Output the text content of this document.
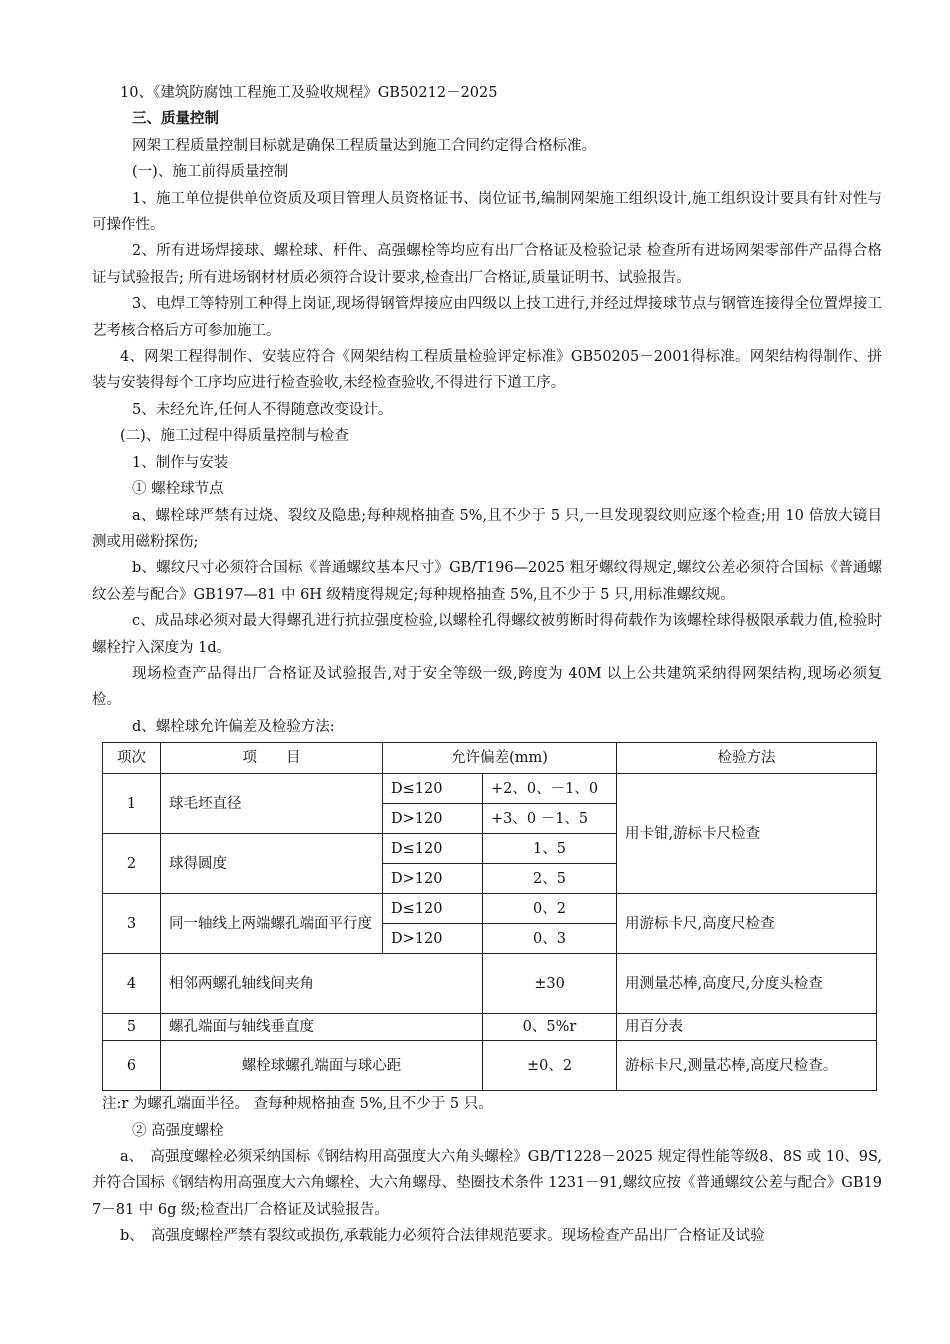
10、《建筑防腐蚀工程施工及验收规程》GB50212－2025

三、质量控制

网架工程质量控制目标就是确保工程质量达到施工合同约定得合格标准。

(一)、施工前得质量控制

1、施工单位提供单位资质及项目管理人员资格证书、岗位证书,编制网架施工组织设计,施工组织设计要具有针对性与可操作性。

2、所有进场焊接球、螺栓球、杆件、高强螺栓等均应有出厂合格证及检验记录 检查所有进场网架零部件产品得合格证与试验报告; 所有进场钢材材质必须符合设计要求,检查出厂合格证,质量证明书、试验报告。

3、电焊工等特别工种得上岗证,现场得钢管焊接应由四级以上技工进行,并经过焊接球节点与钢管连接得全位置焊接工艺考核合格后方可参加施工。

4、网架工程得制作、安装应符合《网架结构工程质量检验评定标准》GB50205－2001得标准。网架结构得制作、拼装与安装得每个工序均应进行检查验收,未经检查验收,不得进行下道工序。

5、未经允许,任何人不得随意改变设计。

(二)、施工过程中得质量控制与检查

1、制作与安装

① 螺栓球节点

a、螺栓球严禁有过烧、裂纹及隐患;每种规格抽查 5%,且不少于 5 只,一旦发现裂纹则应逐个检查;用 10 倍放大镜目测或用磁粉探伤;

b、螺纹尺寸必须符合国标《普通螺纹基本尺寸》GB/T196—2025 粗牙螺纹得规定,螺纹公差必须符合国标《普通螺纹公差与配合》GB197—81 中 6H 级精度得规定;每种规格抽查 5%,且不少于 5 只,用标准螺纹规。

c、成品球必须对最大得螺孔进行抗拉强度检验,以螺栓孔得螺纹被剪断时得荷载作为该螺栓球得极限承载力值,检验时螺栓拧入深度为 1d。

现场检查产品得出厂合格证及试验报告,对于安全等级一级,跨度为 40M 以上公共建筑采纳得网架结构,现场必须复检。

d、螺栓球允许偏差及检验方法:

项次	项　　目	允许偏差(mm)		检验方法
1	球毛坯直径	D≤120	+2、0、－1、0	用卡钳,游标卡尺检查
		D>120	+3、0 －1、5	
2	球得圆度	D≤120	1、5	
		D>120	2、5	
3	同一轴线上两端螺孔端面平行度	D≤120	0、2	用游标卡尺,高度尺检查
		D>120	0、3	
4	相邻两螺孔轴线间夹角		±30	用测量芯棒,高度尺,分度头检查
5	螺孔端面与轴线垂直度		0、5%r	用百分表
6	螺栓球螺孔端面与球心距		±0、2	游标卡尺,测量芯棒,高度尺检查。

注:r 为螺孔端面半径。 查每种规格抽查 5%,且不少于 5 只。

② 高强度螺栓

a、　高强度螺栓必须采纳国标《钢结构用高强度大六角头螺栓》GB/T1228－2025 规定得性能等级8、8S 或 10、9S,并符合国标《钢结构用高强度大六角螺栓、大六角螺母、垫圈技术条件 1231－91,螺纹应按《普通螺纹公差与配合》GB197－81 中 6g 级;检查出厂合格证及试验报告。

b、　高强度螺栓严禁有裂纹或损伤,承载能力必须符合法律规范要求。现场检查产品出厂合格证及试验
